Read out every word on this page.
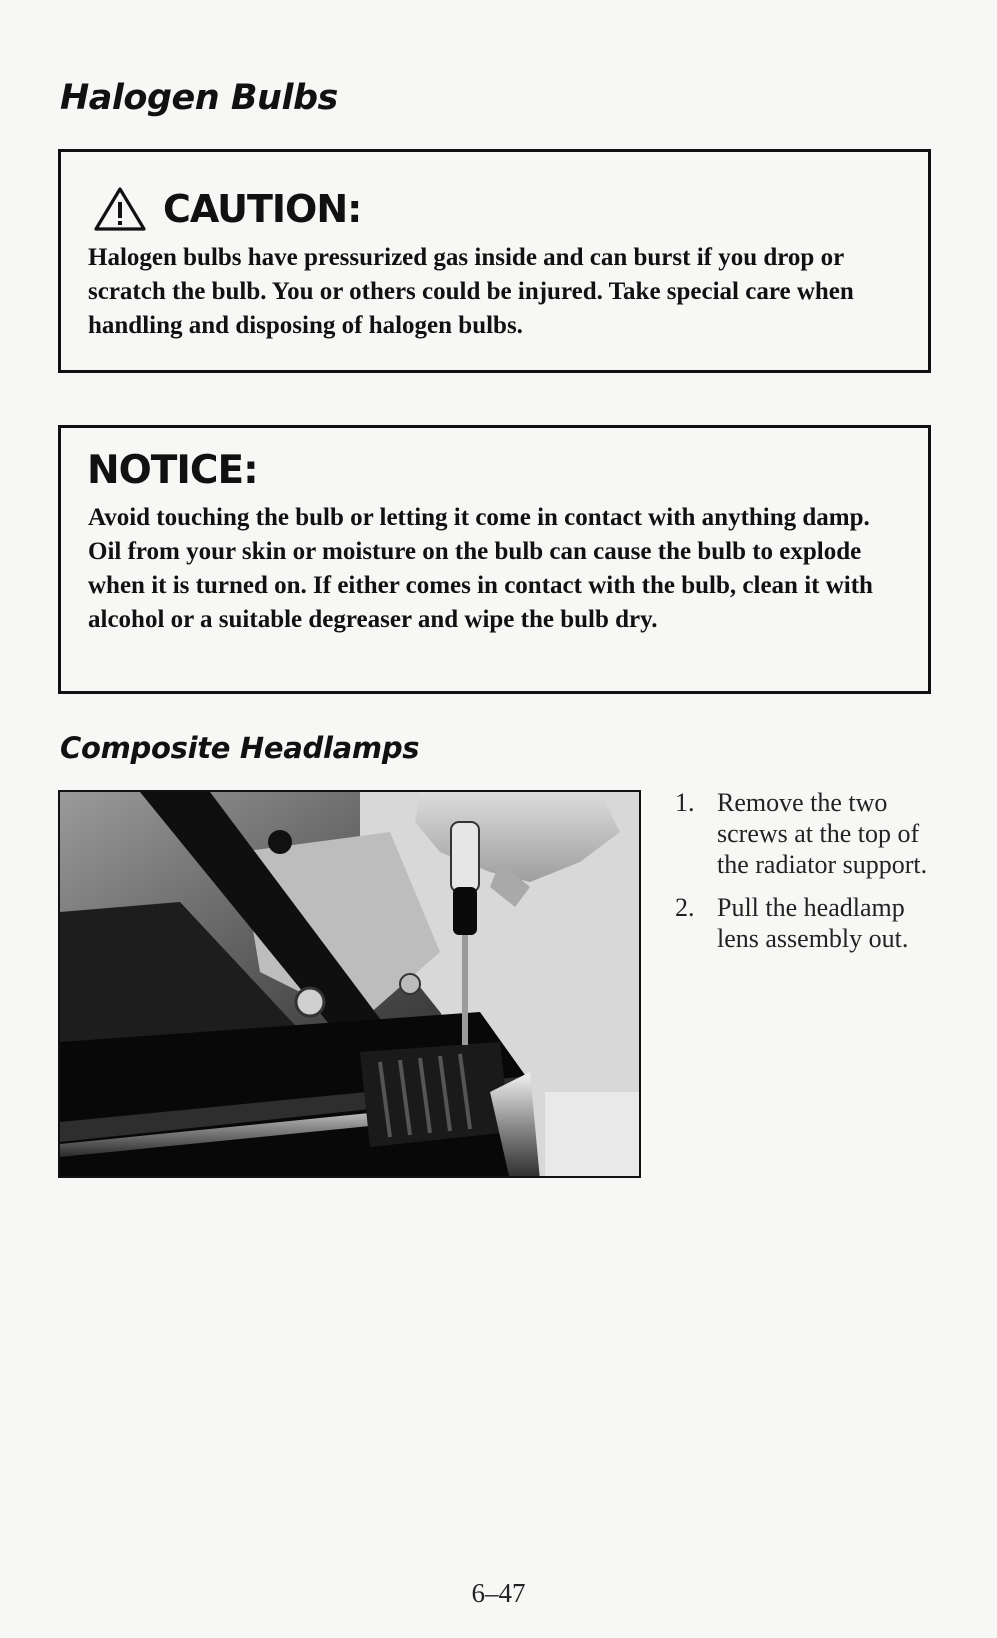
Halogen Bulbs
CAUTION:

Halogen bulbs have pressurized gas inside and can burst if you drop or scratch the bulb. You or others could be injured. Take special care when handling and disposing of halogen bulbs.

NOTICE:

Avoid touching the bulb or letting it come in contact with anything damp. Oil from your skin or moisture on the bulb can cause the bulb to explode when it is turned on. If either comes in contact with the bulb, clean it with alcohol or a suitable degreaser and wipe the bulb dry.

Composite Headlamps
1. Remove the two screws at the top of the radiator support.
2. Pull the headlamp lens assembly out.
6–47
